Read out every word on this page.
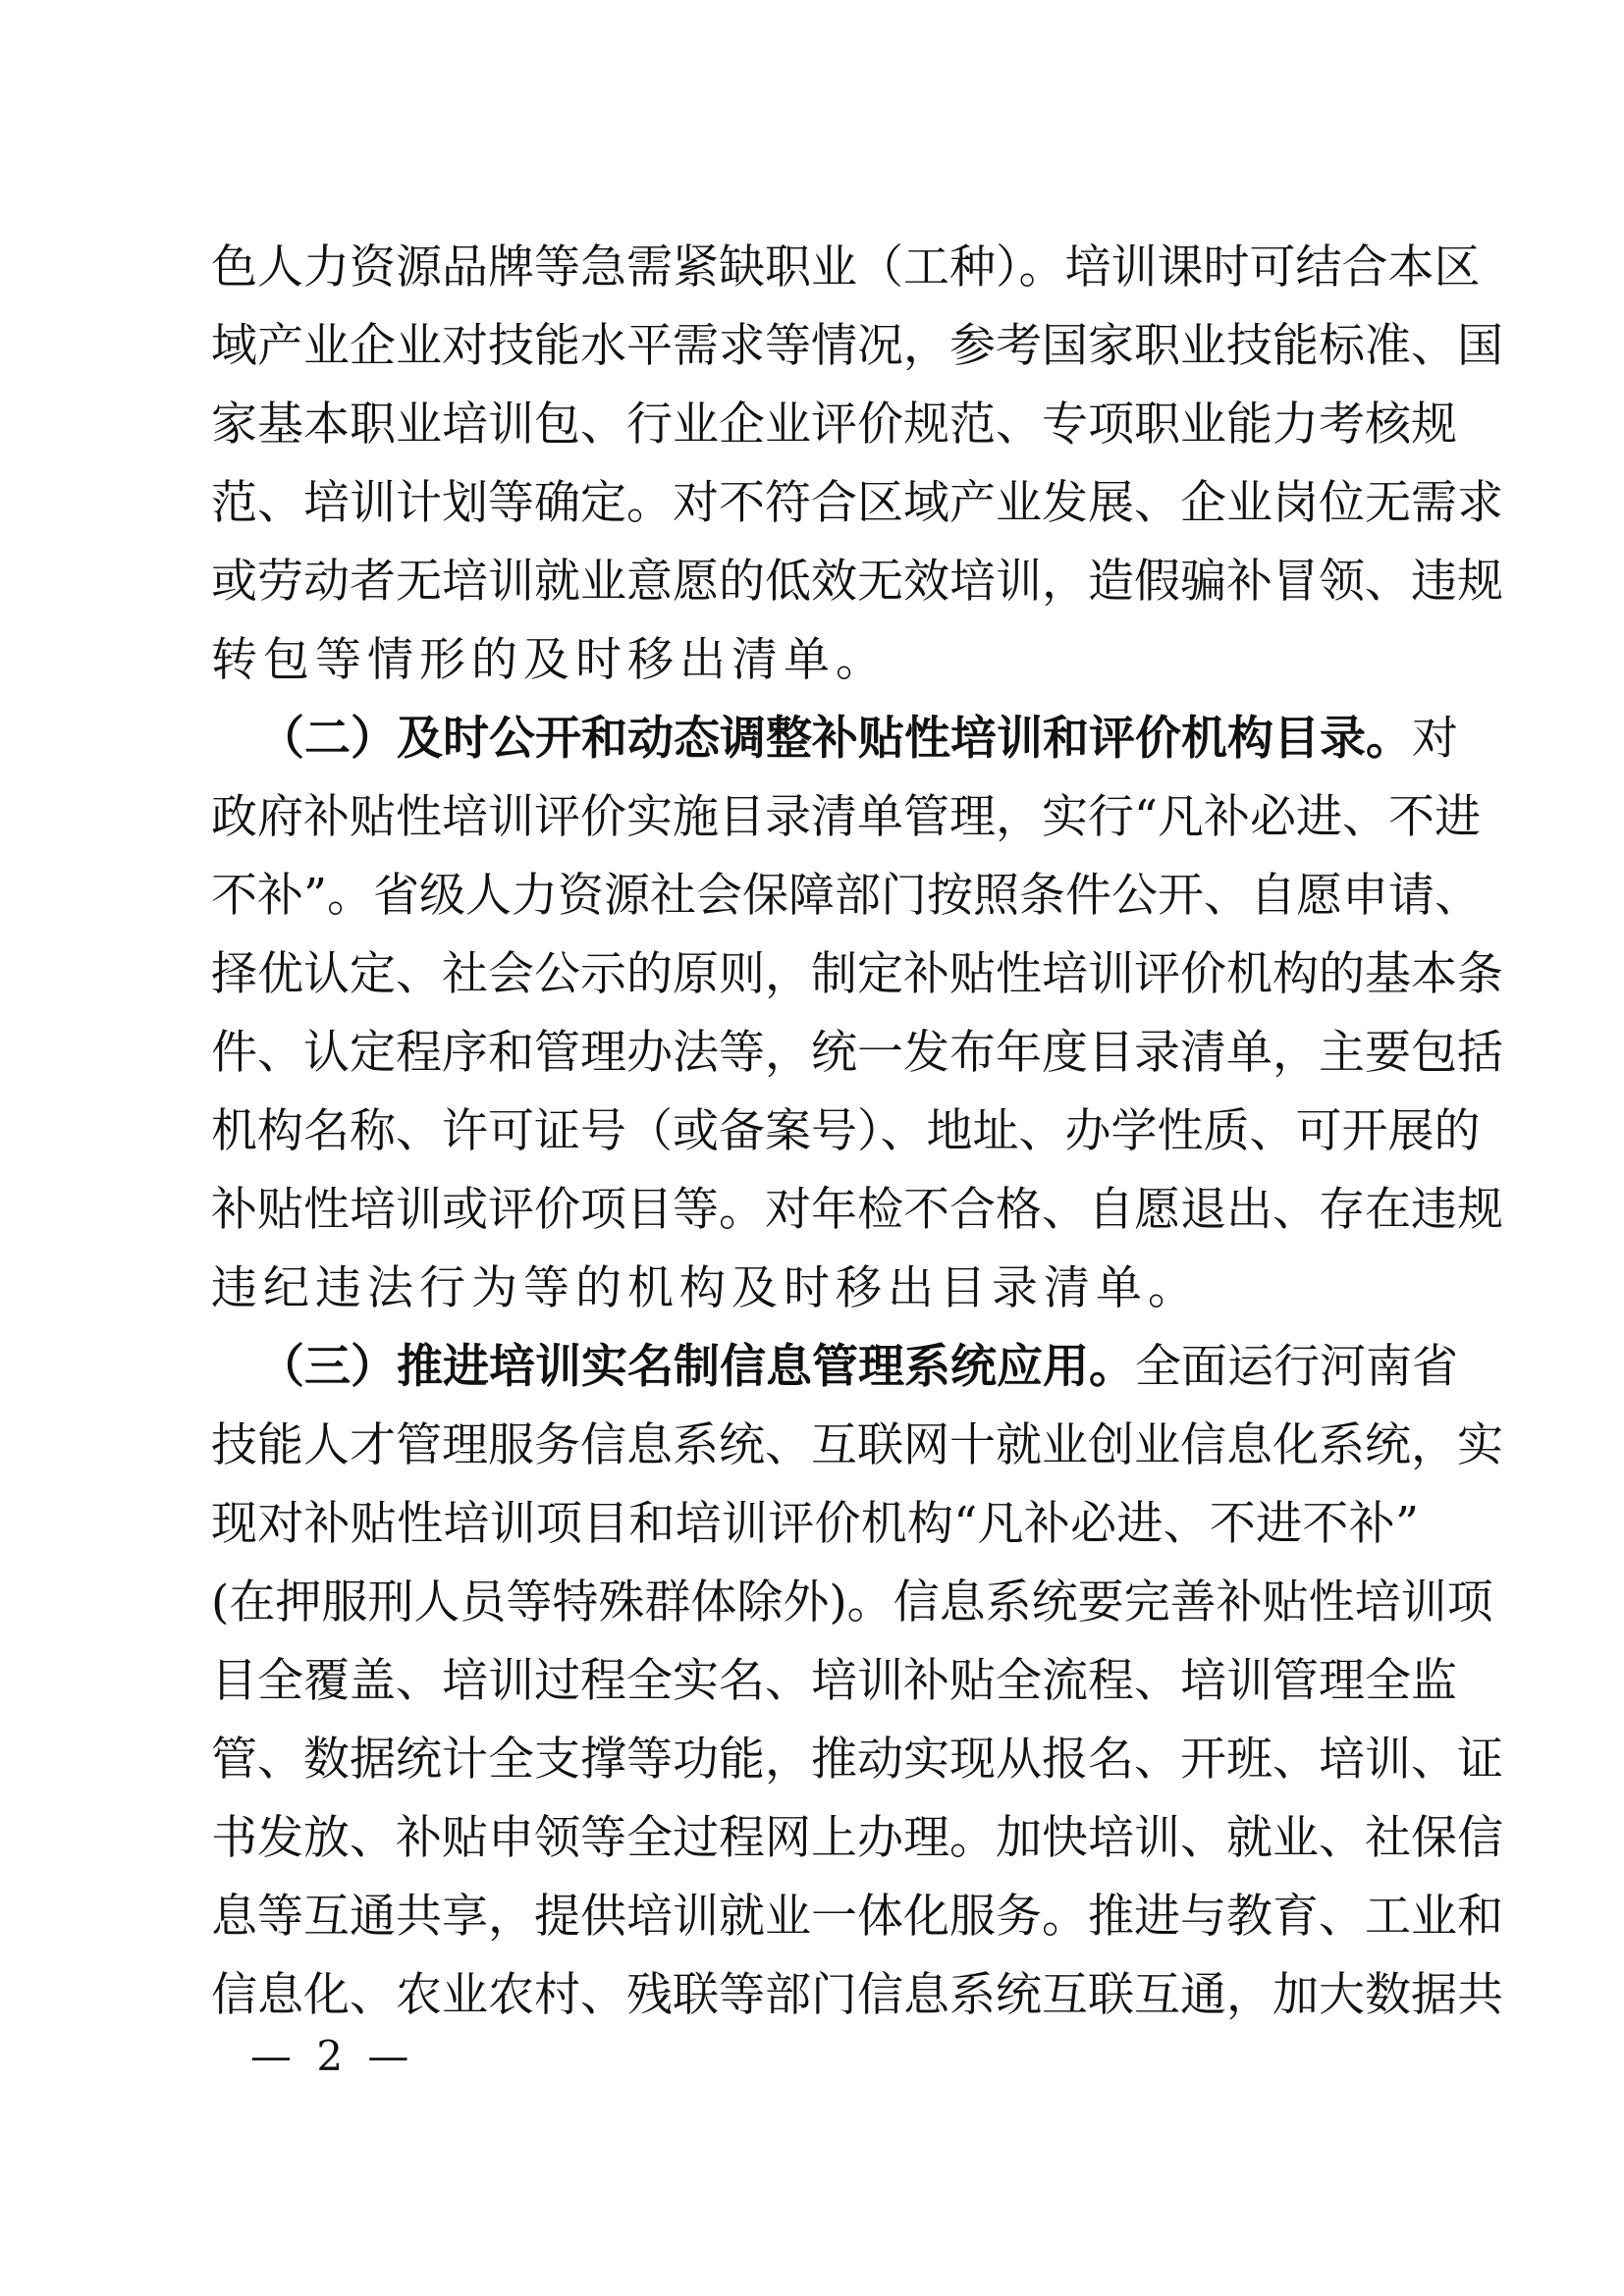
色人力资源品牌等急需紧缺职业（工种）。培训课时可结合本区
域产业企业对技能水平需求等情况，参考国家职业技能标准、国
家基本职业培训包、行业企业评价规范、专项职业能力考核规
范、培训计划等确定。对不符合区域产业发展、企业岗位无需求
或劳动者无培训就业意愿的低效无效培训，造假骗补冒领、违规
转包等情形的及时移出清单。
（二）及时公开和动态调整补贴性培训和评价机构目录。对
政府补贴性培训评价实施目录清单管理，实行“凡补必进、不进
不补”。省级人力资源社会保障部门按照条件公开、自愿申请、
择优认定、社会公示的原则，制定补贴性培训评价机构的基本条
件、认定程序和管理办法等，统一发布年度目录清单，主要包括
机构名称、许可证号（或备案号）、地址、办学性质、可开展的
补贴性培训或评价项目等。对年检不合格、自愿退出、存在违规
违纪违法行为等的机构及时移出目录清单。
（三）推进培训实名制信息管理系统应用。全面运行河南省
技能人才管理服务信息系统、互联网十就业创业信息化系统，实
现对补贴性培训项目和培训评价机构“凡补必进、不进不补”
(在押服刑人员等特殊群体除外)。信息系统要完善补贴性培训项
目全覆盖、培训过程全实名、培训补贴全流程、培训管理全监
管、数据统计全支撑等功能，推动实现从报名、开班、培训、证
书发放、补贴申领等全过程网上办理。加快培训、就业、社保信
息等互通共享，提供培训就业一体化服务。推进与教育、工业和
信息化、农业农村、残联等部门信息系统互联互通，加大数据共
— 2 —
